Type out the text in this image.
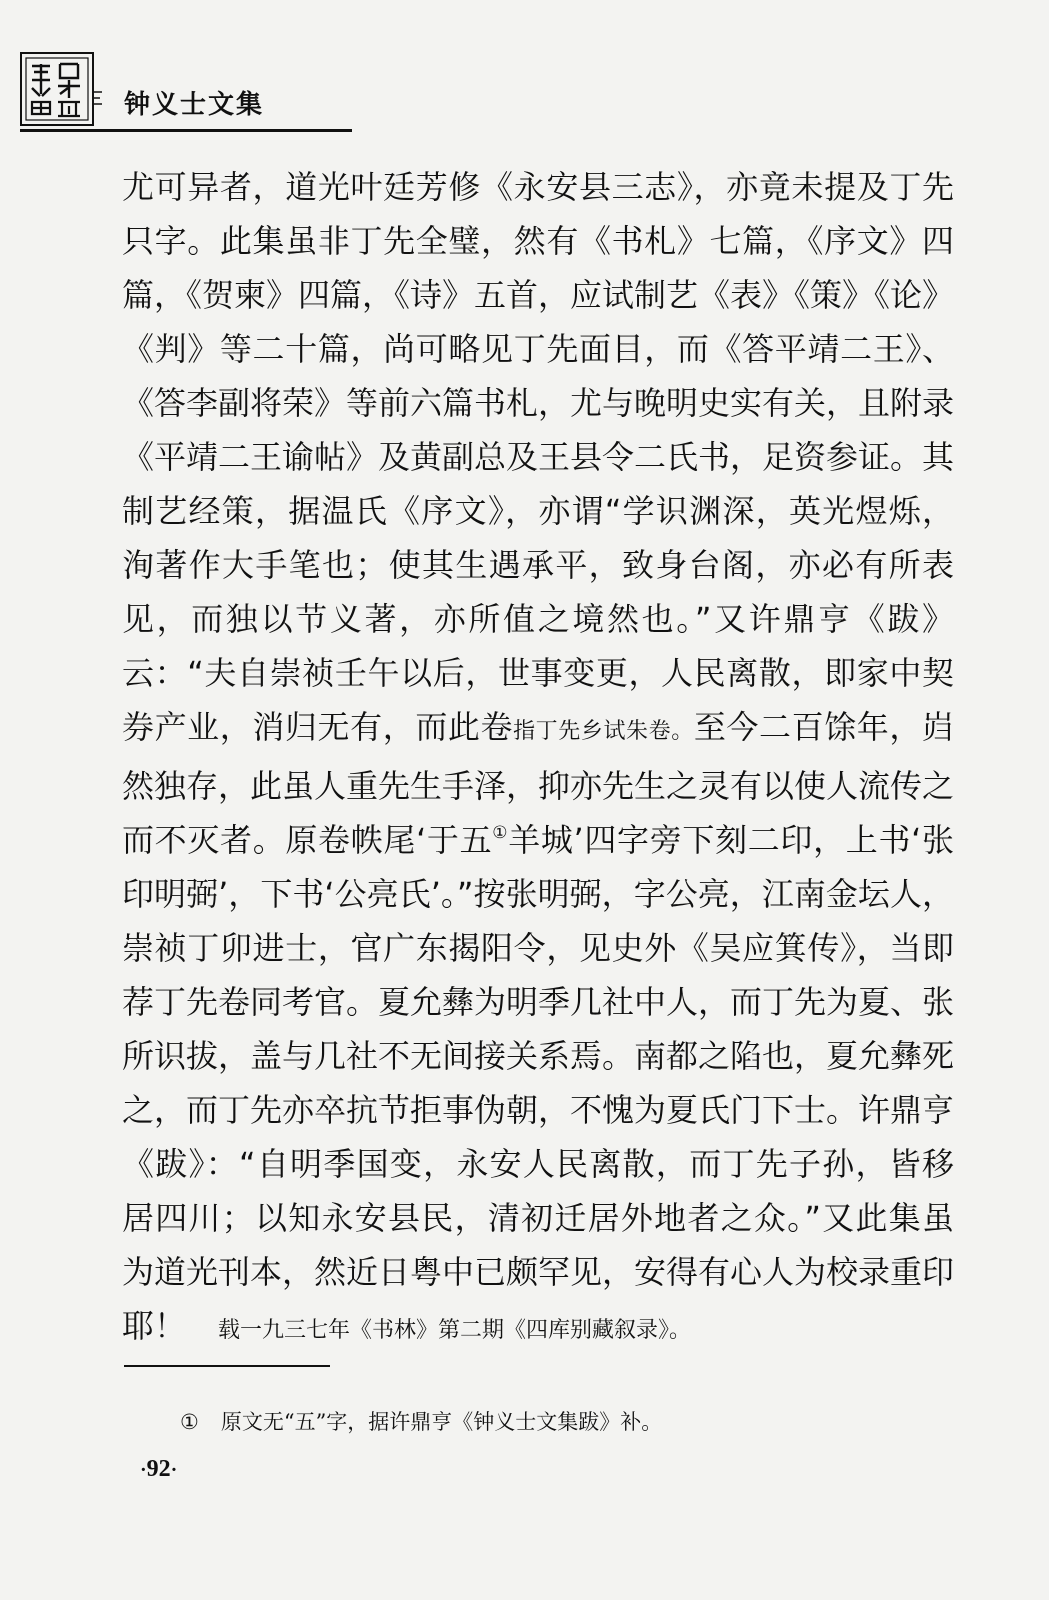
钟义士文集

尤可异者，道光叶廷芳修《永安县三志》，亦竟未提及丁先只字。此集虽非丁先全璧，然有《书札》七篇，《序文》四篇，《贺柬》四篇，《诗》五首，应试制艺《表》《策》《论》《判》等二十篇，尚可略见丁先面目，而《答平靖二王》、《答李副将荣》等前六篇书札，尤与晚明史实有关，且附录《平靖二王谕帖》及黄副总及王县令二氏书，足资参证。其制艺经策，据温氏《序文》，亦谓“学识渊深，英光煜烁，洵著作大手笔也；使其生遇承平，致身台阁，亦必有所表见，而独以节义著，亦所值之境然也。”又许鼎亨《跋》云：“夫自崇祯壬午以后，世事变更，人民离散，即家中契券产业，消归无有，而此卷指丁先乡试朱卷。至今二百馀年，岿然独存，此虽人重先生手泽，抑亦先生之灵有以使人流传之而不灭者。原卷帙尾‘于五①羊城’四字旁下刻二印，上书‘张印明弼’，下书‘公亮氏’。”按张明弼，字公亮，江南金坛人，崇祯丁卯进士，官广东揭阳令，见史外《吴应箕传》，当即荐丁先卷同考官。夏允彝为明季几社中人，而丁先为夏、张所识拔，盖与几社不无间接关系焉。南都之陷也，夏允彝死之，而丁先亦卒抗节拒事伪朝，不愧为夏氏门下士。许鼎亨《跋》：“自明季国变，永安人民离散，而丁先子孙，皆移居四川；以知永安县民，清初迁居外地者之众。”又此集虽为道光刊本，然近日粤中已颇罕见，安得有心人为校录重印耶！  载一九三七年《书林》第二期《四库别藏叙录》。

① 原文无“五”字，据许鼎亨《钟义士文集跋》补。
·92·
